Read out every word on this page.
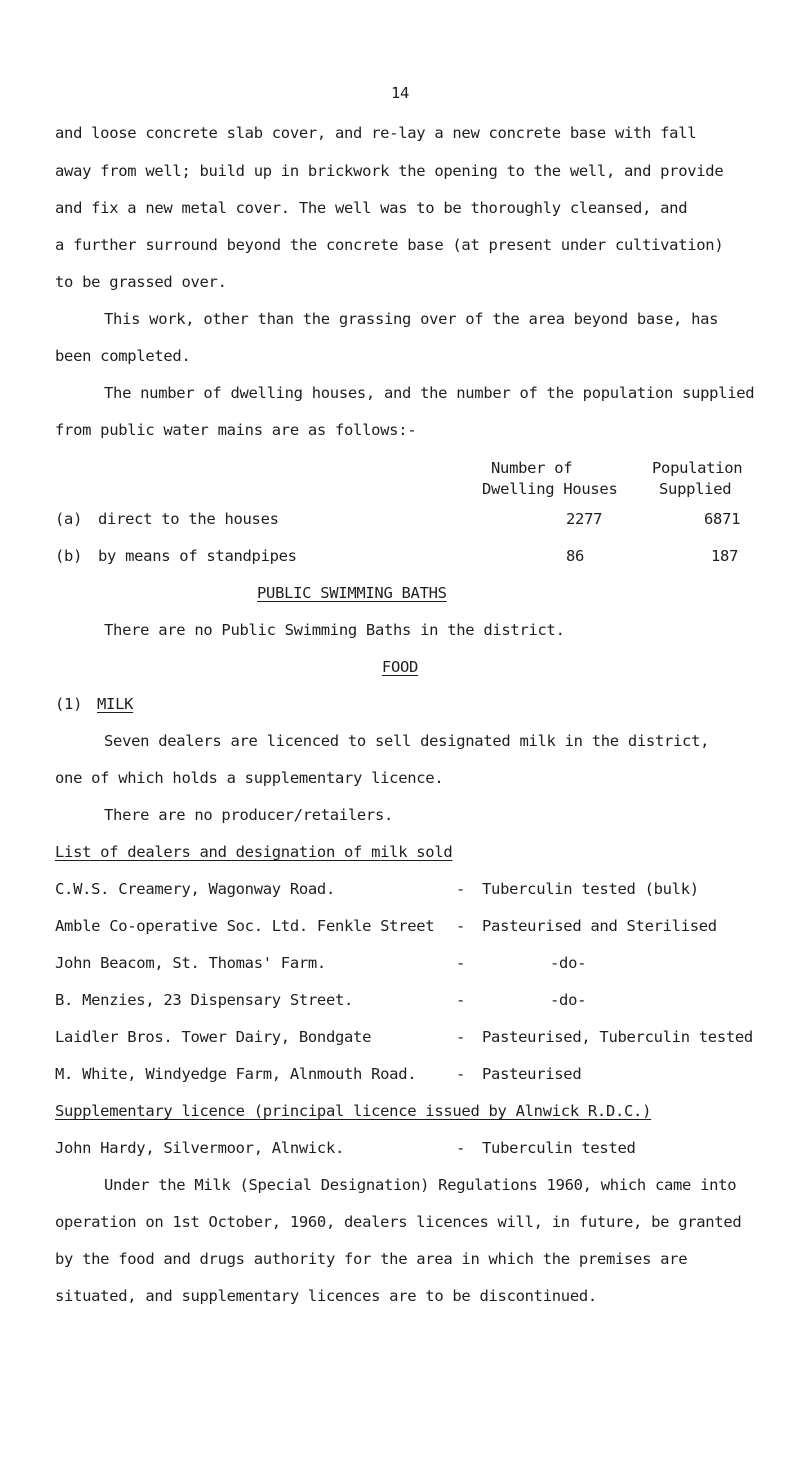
14
and loose concrete slab cover, and re-lay a new concrete base with fall
away from well; build up in brickwork the opening to the well, and provide
and fix a new metal cover. The well was to be thoroughly cleansed, and
a further surround beyond the concrete base (at present under cultivation)
to be grassed over.
This work, other than the grassing over of the area beyond base, has
been completed.
The number of dwelling houses, and the number of the population supplied
from public water mains are as follows:-
Number of
Dwelling Houses
Population
Supplied
(a) direct to the houses	2277	6871
(b) by means of standpipes	86	187
PUBLIC SWIMMING BATHS
There are no Public Swimming Baths in the district.
FOOD
(1) MILK
Seven dealers are licenced to sell designated milk in the district,
one of which holds a supplementary licence.
There are no producer/retailers.
List of dealers and designation of milk sold
C.W.S. Creamery, Wagonway Road.	- Tuberculin tested (bulk)
Amble Co-operative Soc. Ltd. Fenkle Street - Pasteurised and Sterilised
John Beacom, St. Thomas' Farm.	-	-do-
B. Menzies, 23 Dispensary Street.	-	-do-
Laidler Bros. Tower Dairy, Bondgate	- Pasteurised, Tuberculin tested
M. White, Windyedge Farm, Alnmouth Road.	- Pasteurised
Supplementary licence (principal licence issued by Alnwick R.D.C.)
John Hardy, Silvermoor, Alnwick.	- Tuberculin tested
Under the Milk (Special Designation) Regulations 1960, which came into
operation on 1st October, 1960, dealers licences will, in future, be granted
by the food and drugs authority for the area in which the premises are
situated, and supplementary licences are to be discontinued.
